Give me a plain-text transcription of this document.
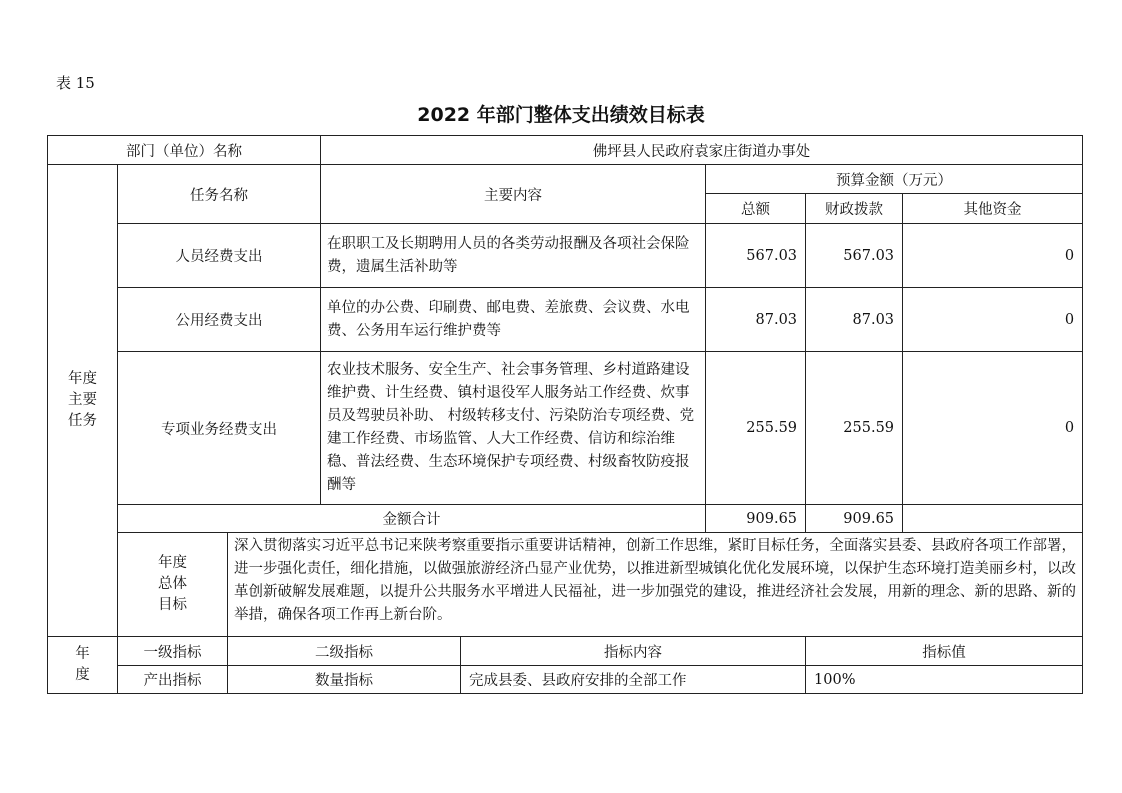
表 15
2022 年部门整体支出绩效目标表
部门（单位）名称			佛坪县人民政府袁家庄街道办事处				

年度主要任务	任务名称		主要内容		预算金额（万元）		
					总额	财政拨款	其他资金
	人员经费支出		在职职工及长期聘用人员的各类劳动报酬及各项社会保险费，遗属生活补助等		567.03	567.03	0
	公用经费支出		单位的办公费、印刷费、邮电费、差旅费、会议费、水电费、公务用车运行维护费等		87.03	87.03	0
	专项业务经费支出		农业技术服务、安全生产、社会事务管理、乡村道路建设维护费、计生经费、镇村退役军人服务站工作经费、炊事员及驾驶员补助、 村级转移支付、污染防治专项经费、党建工作经费、市场监管、人大工作经费、信访和综治维稳、普法经费、生态环境保护专项经费、村级畜牧防疫报酬等		255.59	255.59	0
	金额合计				909.65	909.65	

	年度总体目标	深入贯彻落实习近平总书记来陕考察重要指示重要讲话精神，创新工作思维，紧盯目标任务，全面落实县委、县政府各项工作部署，进一步强化责任，细化措施，以做强旅游经济凸显产业优势，以推进新型城镇化优化发展环境，以保护生态环境打造美丽乡村，以改革创新破解发展难题，以提升公共服务水平增进人民福祉，进一步加强党的建设，推进经济社会发展，用新的理念、新的思路、新的举措，确保各项工作再上新台阶。					

年度	一级指标	二级指标		指标内容		指标值	
	产出指标	数量指标		完成县委、县政府安排的全部工作		100%	
